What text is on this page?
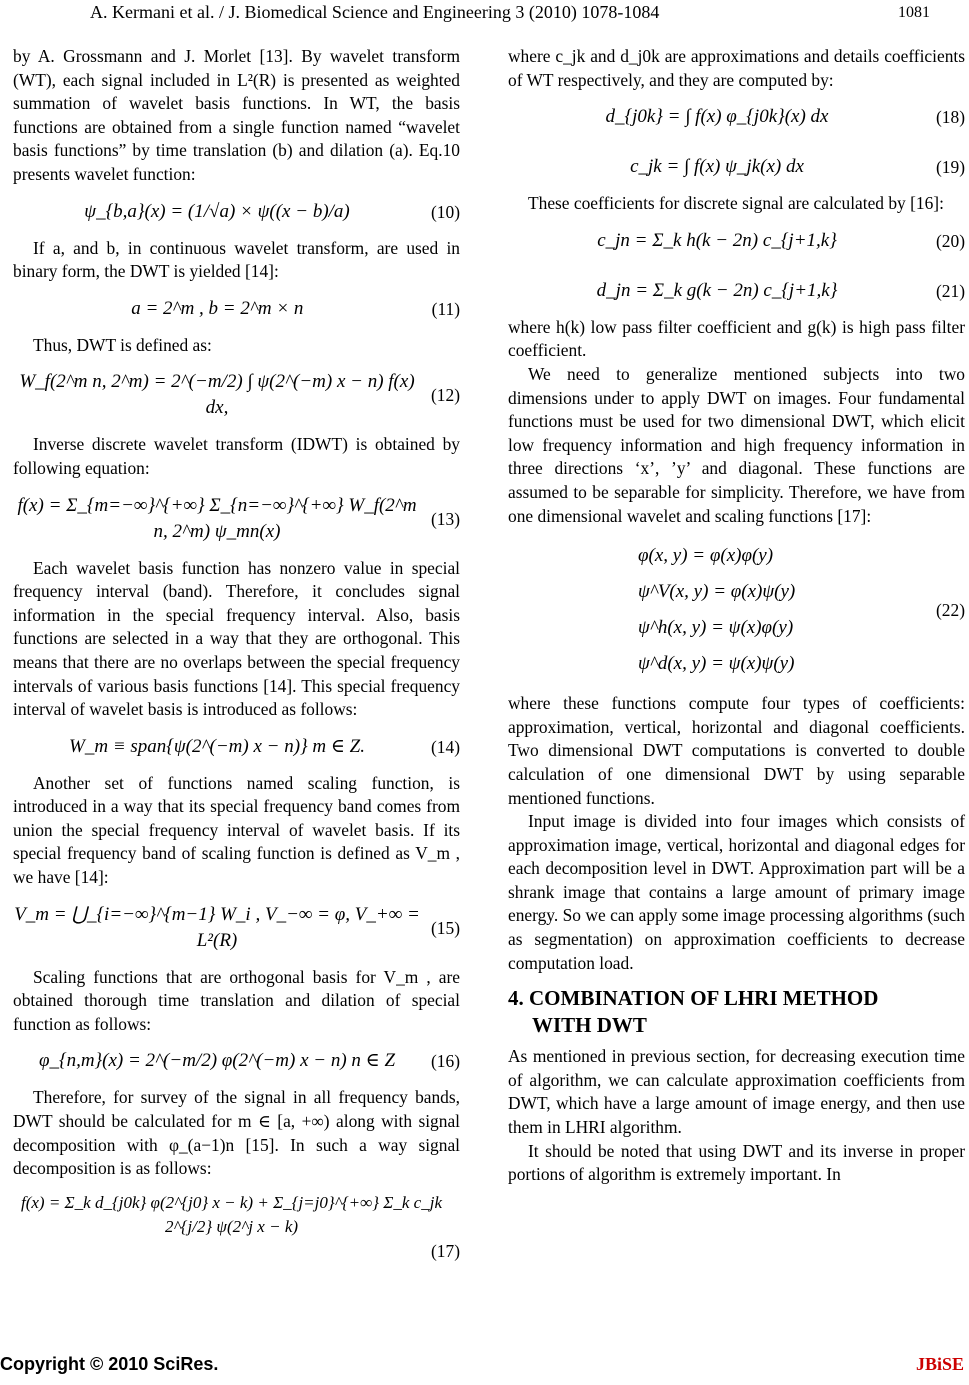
A. Kermani et al. / J. Biomedical Science and Engineering 3 (2010) 1078-1084	1081

by A. Grossmann and J. Morlet [13]. By wavelet transform (WT), each signal included in L²(R) is presented as weighted summation of wavelet basis functions. In WT, the basis functions are obtained from a single function named “wavelet basis functions” by time translation (b) and dilation (a). Eq.10 presents wavelet function:

ψ_{b,a}(x) = (1/√a) × ψ((x − b)/a)	(10)

If a, and b, in continuous wavelet transform, are used in binary form, the DWT is yielded [14]:

a = 2^m , b = 2^m × n	(11)

Thus, DWT is defined as:

W_f(2^m n, 2^m) = 2^(−m/2) ∫ ψ(2^(−m) x − n) f(x) dx,
(12)

Inverse discrete wavelet transform (IDWT) is obtained by following equation:

f(x) = Σ_{m=−∞}^{+∞} Σ_{n=−∞}^{+∞} W_f(2^m n, 2^m) ψ_mn(x)
(13)

Each wavelet basis function has nonzero value in special frequency interval (band). Therefore, it concludes signal information in the special frequency interval. Also, basis functions are selected in a way that they are orthogonal. This means that there are no overlaps between the special frequency intervals of various basis functions [14]. This special frequency interval of wavelet basis is introduced as follows:

W_m ≡ span{ψ(2^(−m) x − n)} m ∈ Z.	(14)

Another set of functions named scaling function, is introduced in a way that its special frequency band comes from union the special frequency interval of wavelet basis. If its special frequency band of scaling function is defined as V_m , we have [14]:

V_m = ⋃_{i=−∞}^{m−1} W_i , V_−∞ = φ, V_+∞ = L²(R)
(15)

Scaling functions that are orthogonal basis for V_m , are obtained thorough time translation and dilation of special function as follows:

φ_{n,m}(x) = 2^(−m/2) φ(2^(−m) x − n) n ∈ Z	(16)

Therefore, for survey of the signal in all frequency bands, DWT should be calculated for m ∈ [a, +∞) along with signal decomposition with φ_(a−1)n [15]. In such a way signal decomposition is as follows:

f(x) = Σ_k d_{j0k} φ(2^{j0} x − k) + Σ_{j=j0}^{+∞} Σ_k c_jk 2^{j/2} ψ(2^j x − k)
(17)

where c_jk and d_j0k are approximations and details coefficients of WT respectively, and they are computed by:

d_{j0k} = ∫ f(x) φ_{j0k}(x) dx	(18)
c_jk = ∫ f(x) ψ_jk(x) dx	(19)

These coefficients for discrete signal are calculated by [16]:

c_jn = Σ_k h(k − 2n) c_{j+1,k}	(20)
d_jn = Σ_k g(k − 2n) c_{j+1,k}	(21)

where h(k) low pass filter coefficient and g(k) is high pass filter coefficient.

We need to generalize mentioned subjects into two dimensions under to apply DWT on images. Four fundamental functions must be used for two dimensional DWT, which elicit low frequency information and high frequency information in three directions ‘x’, ’y’ and diagonal. These functions are assumed to be separable for simplicity. Therefore, we have from one dimensional wavelet and scaling functions [17]:

φ(x, y) = φ(x)φ(y)
ψ^V(x, y) = φ(x)ψ(y)
ψ^h(x, y) = ψ(x)φ(y)
ψ^d(x, y) = ψ(x)ψ(y)
(22)

where these functions compute four types of coefficients: approximation, vertical, horizontal and diagonal coefficients. Two dimensional DWT computations is converted to double calculation of one dimensional DWT by using separable mentioned functions.

Input image is divided into four images which consists of approximation image, vertical, horizontal and diagonal edges for each decomposition level in DWT. Approximation part will be a shrank image that contains a large amount of primary image energy. So we can apply some image processing algorithms (such as segmentation) on approximation coefficients to decrease computation load.

4. COMBINATION OF LHRI METHOD
WITH DWT

As mentioned in previous section, for decreasing execution time of algorithm, we can calculate approximation coefficients from DWT, which have a large amount of image energy, and then use them in LHRI algorithm.

It should be noted that using DWT and its inverse in proper portions of algorithm is extremely important. In

Copyright © 2010 SciRes.	JBiSE
